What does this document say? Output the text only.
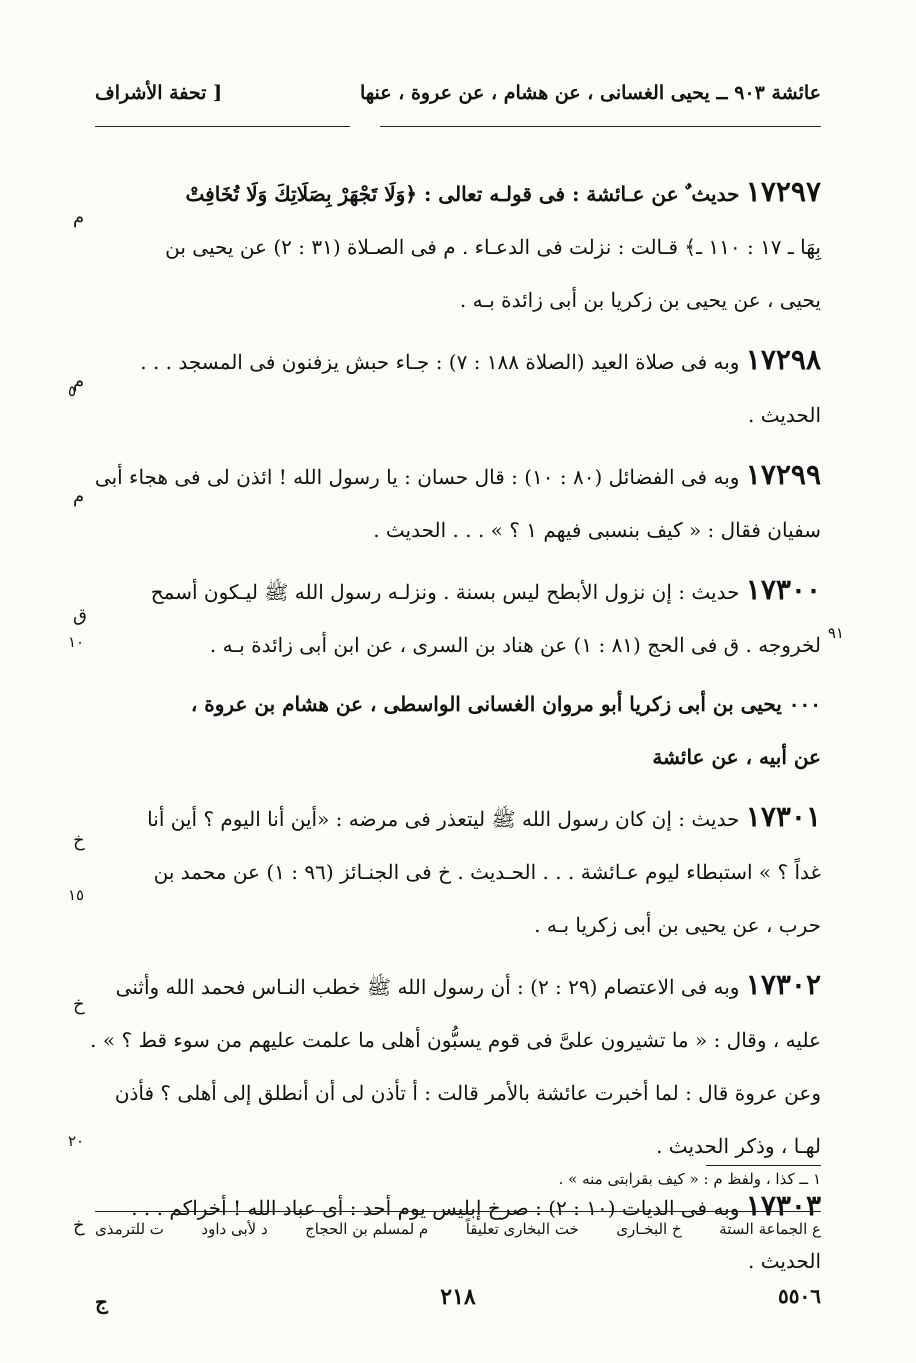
عائشة ٩٠٣ ــ يحيى الغسانى ، عن هشام ، عن عروة ، عنها
[ تحفة الأشراف
٥
٩١
١٠
١٥
٢٠
١٧٢٩٧ حديث ٌ عن عـائشة : فى قولـه تعالى : ﴿وَلَا تَجْهَرْ بِصَلَاتِكَ وَلَا تُخَافِتْ
بِهَا ـ ١٧ : ١١٠ ـ﴾ قـالت : نزلت فى الدعـاء . م فى الصـلاة (٣١ : ٢) عن يحيى بن
يحيى ، عن يحيى بن زكريا بن أبى زائدة بـه .
م
١٧٢٩٨ وبه فى صلاة العيد (الصلاة ١٨٨ : ٧) : جـاء حبش يزفنون فى المسجد . . .
الحديث .
م
١٧٢٩٩ وبه فى الفضائل (٨٠ : ١٠) : قال حسان : يا رسول الله ! ائذن لى فى هجاء أبى
سفيان فقال : « كيف بنسبى فيهم ١ ؟ » . . . الحديث .
م
١٧٣٠٠ حديث : إن نزول الأبطح ليس بسنة . ونزلـه رسول الله ﷺ ليـكون أسمح
لخروجه . ق فى الحج (٨١ : ١) عن هناد بن السرى ، عن ابن أبى زائدة بـه .
ق
٠٠٠ يحيى بن أبى زكريا أبو مروان الغسانى الواسطى ، عن هشام بن عروة ،
عن أبيه ، عن عائشة
١٧٣٠١ حديث : إن كان رسول الله ﷺ ليتعذر فى مرضه : «أين أنا اليوم ؟ أين أنا
غداً ؟ » استبطاء ليوم عـائشة . . . الحـديث . خ فى الجنـائز (٩٦ : ١) عن محمد بن
حرب ، عن يحيى بن أبى زكريا بـه .
خ
١٧٣٠٢ وبه فى الاعتصام (٢٩ : ٢) : أن رسول الله ﷺ خطب النـاس فحمد الله وأثنى
عليه ، وقال : « ما تشيرون علىَّ فى قوم يسبُّون أهلى ما علمت عليهم من سوء قط ؟ » .
وعن عروة قال : لما أخبرت عائشة بالأمر قالت : أ تأذن لى أن أنطلق إلى أهلى ؟ فأذن
لهـا ، وذكر الحديث .
خ
١٧٣٠٣ وبه فى الديات (١٠ : ٢) : صرخ إبليس يوم أحد : أى عباد الله ! أخراكم . . .
الحديث .
خ
١ ــ كذا ، ولفظ م : « كيف بقرابتى منه » .
ع الجماعة الستة
خ البخـارى
خت البخارى تعليقاً
م لمسلم بن الحجاج
د لأبى داود
ت للترمذى
ج	٢١٨	٥٥٠٦
